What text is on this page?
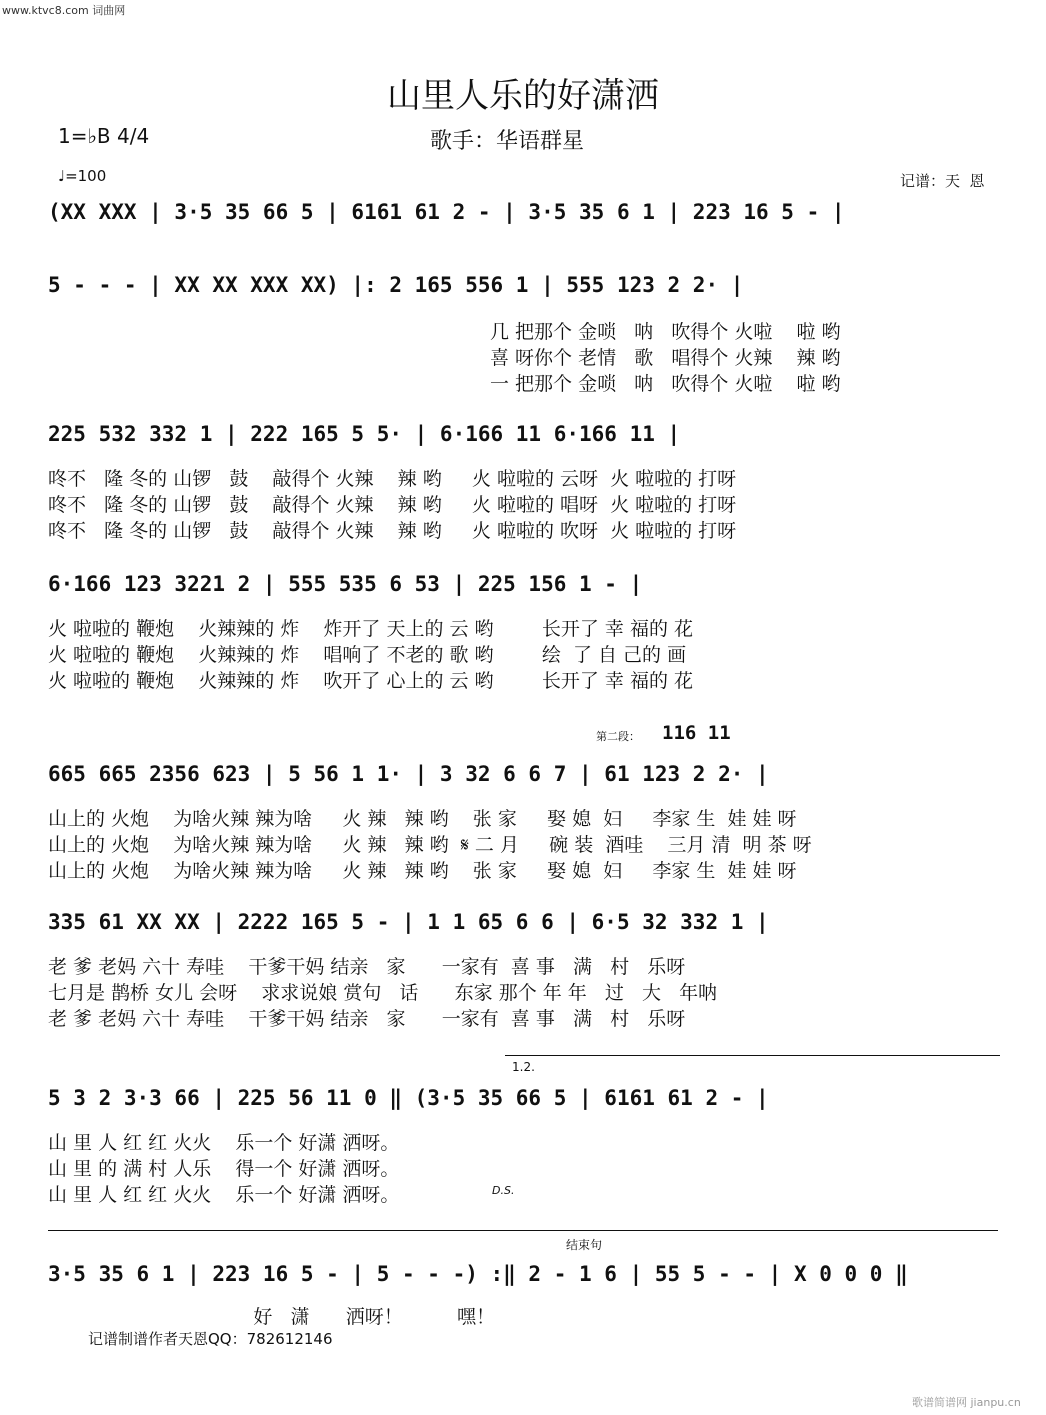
www.ktvc8.com 词曲网
山里人乐的好潇洒
1=♭B 4/4	歌手：华语群星
♩=100	记谱：天  恩

(XX XXX | 3·5 35 66 5 | 6161 61 2 - | 3·5 35 6 1 | 223 16 5 - |

5 - - - | XX XX XXX XX) |: 2 165 556 1 | 555 123 2 2· |

几 把那个 金唢   呐   吹得个 火啦    啦 哟

喜 呀你个 老情   歌   唱得个 火辣    辣 哟

一 把那个 金唢   呐   吹得个 火啦    啦 哟

225 532 332 1 | 222 165 5 5· | 6·166 11 6·166 11 |

咚不   隆 冬的 山锣   鼓    敲得个 火辣    辣 哟     火 啦啦的 云呀  火 啦啦的 打呀

咚不   隆 冬的 山锣   鼓    敲得个 火辣    辣 哟     火 啦啦的 唱呀  火 啦啦的 打呀

咚不   隆 冬的 山锣   鼓    敲得个 火辣    辣 哟     火 啦啦的 吹呀  火 啦啦的 打呀

6·166 123 3221 2 | 555 535 6 53 | 225 156 1 - |

火 啦啦的 鞭炮    火辣辣的 炸    炸开了 天上的 云 哟        长开了 幸 福的 花

火 啦啦的 鞭炮    火辣辣的 炸    唱响了 不老的 歌 哟        绘  了 自 己的 画

火 啦啦的 鞭炮    火辣辣的 炸    吹开了 心上的 云 哟        长开了 幸 福的 花

第二段： 116 11

665 665 2356 623 | 5 56 1 1· | 3 32 6 6 7 | 61 123 2 2· |

山上的 火炮    为啥火辣 辣为啥     火 辣   辣 哟    张 家     娶 媳  妇     李家 生  娃 娃 呀

山上的 火炮    为啥火辣 辣为啥     火 辣   辣 哟  𝄋 二 月     碗 装  酒哇    三月 清  明 茶 呀

山上的 火炮    为啥火辣 辣为啥     火 辣   辣 哟    张 家     娶 媳  妇     李家 生  娃 娃 呀

335 61 XX XX | 2222 165 5 - | 1 1 65 6 6 | 6·5 32 332 1 |

老 爹 老妈 六十 寿哇    干爹干妈 结亲   家      一家有  喜 事   满   村   乐呀

七月是 鹊桥 女儿 会呀    求求说娘 赏句   话      东家 那个 年 年   过   大   年呐

老 爹 老妈 六十 寿哇    干爹干妈 结亲   家      一家有  喜 事   满   村   乐呀

1.2.

5 3 2 3·3 66 | 225 56 11 0 ‖ (3·5 35 66 5 | 6161 61 2 - |

山 里 人 红 红 火火    乐一个 好潇 洒呀。

山 里 的 满 村 人乐    得一个 好潇 洒呀。

山 里 人 红 红 火火    乐一个 好潇 洒呀。

	D.S.

结束句

3·5 35 6 1 | 223 16 5 - | 5 - - -) :‖ 2 - 1 6 | 55 5 - - | X 0 0 0 ‖

好   潇      洒呀！         嘿！

记谱制谱作者天恩QQ：782612146
歌谱简谱网 jianpu.cn
